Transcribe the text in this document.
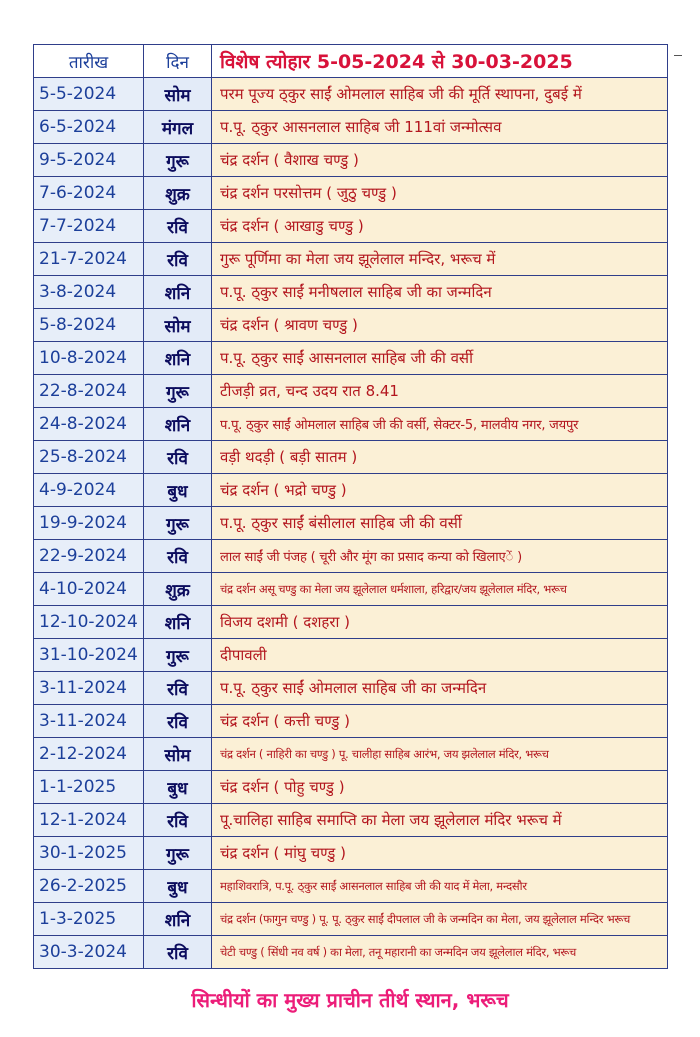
तारीख	दिन	विशेष त्योहार 5-05-2024 से 30-03-2025
5-5-2024	सोम	परम पूज्य ठ्कुर साईं ओमलाल साहिब जी की मूर्ति स्थापना, दुबई में
6-5-2024	मंगल	प.पू. ठ्कुर आसनलाल साहिब जी 111वां जन्मोत्सव
9-5-2024	गुरू	चंद्र दर्शन ( वैशाख चण्डु )
7-6-2024	शुक्र	चंद्र दर्शन परसोत्तम ( जुठु चण्डु )
7-7-2024	रवि	चंद्र दर्शन ( आखाडु चण्डु )
21-7-2024	रवि	गुरू पूर्णिमा का मेला जय झूलेलाल मन्दिर, भरूच में
3-8-2024	शनि	प.पू. ठ्कुर साईं मनीषलाल साहिब जी का जन्मदिन
5-8-2024	सोम	चंद्र दर्शन ( श्रावण चण्डु )
10-8-2024	शनि	प.पू. ठ्कुर साईं आसनलाल साहिब जी की वर्सी
22-8-2024	गुरू	टीजड़ी व्रत, चन्द उदय रात 8.41
24-8-2024	शनि	प.पू. ठ्कुर साईं ओमलाल साहिब जी की वर्सी, सेक्टर-5, मालवीय नगर, जयपुर
25-8-2024	रवि	वड़ी थदड़ी ( बड़ी सातम )
4-9-2024	बुध	चंद्र दर्शन ( भद्रो चण्डु )
19-9-2024	गुरू	प.पू. ठ्कुर साईं बंसीलाल साहिब जी की वर्सी
22-9-2024	रवि	लाल साईं जी पंजह ( चूरी और मूंग का प्रसाद कन्या को खिलाएें )
4-10-2024	शुक्र	चंद्र दर्शन असू चण्डु का मेला जय झूलेलाल धर्मशाला, हरिद्वार/जय झूलेलाल मंदिर, भरूच
12-10-2024	शनि	विजय दशमी ( दशहरा )
31-10-2024	गुरू	दीपावली
3-11-2024	रवि	प.पू. ठ्कुर साईं ओमलाल साहिब जी का जन्मदिन
3-11-2024	रवि	चंद्र दर्शन ( कत्ती चण्डु )
2-12-2024	सोम	चंद्र दर्शन ( नाहिरी का चण्डु ) पू. चालीहा साहिब आरंभ, जय झलेलाल मंदिर, भरूच
1-1-2025	बुध	चंद्र दर्शन ( पोहु चण्डु )
12-1-2024	रवि	पू.चालिहा साहिब समाप्ति का मेला जय झूलेलाल मंदिर भरूच में
30-1-2025	गुरू	चंद्र दर्शन ( मांघु चण्डु )
26-2-2025	बुध	महाशिवरात्रि, प.पू. ठ्कुर साईं आसनलाल साहिब जी की याद में मेला, मन्दसौर
1-3-2025	शनि	चंद्र दर्शन (फागुन चण्डु ) पू. पू. ठ्कुर साईं दीपलाल जी के जन्मदिन का मेला, जय झूलेलाल मन्दिर भरूच
30-3-2024	रवि	चेटी चण्डु ( सिंधी नव वर्ष ) का मेला, तनू महारानी का जन्मदिन जय झूलेलाल मंदिर, भरूच
सिन्धीयों का मुख्य प्राचीन तीर्थ स्थान, भरूच
